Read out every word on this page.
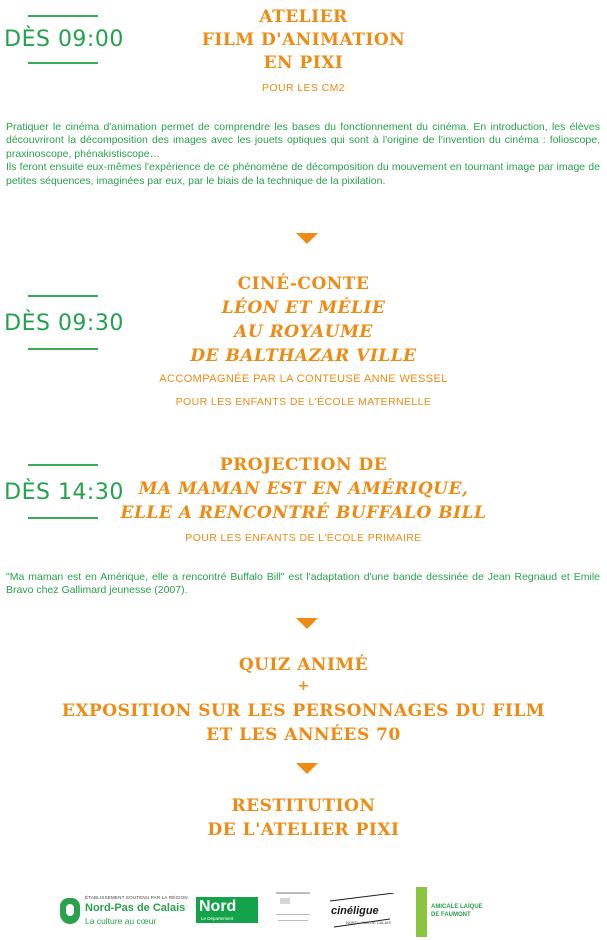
DÈS 09:00
ATELIER
FILM D'ANIMATION
EN PIXI
POUR LES CM2

Pratiquer le cinéma d'animation permet de comprendre les bases du fonctionnement du cinéma. En introduction, les élèves découvriront la décomposition des images avec les jouets optiques qui sont à l'origine de l'invention du cinéma : folioscope, praxinoscope, phénakistiscope…

Ils feront ensuite eux-mêmes l'expérience de ce phénomène de décomposition du mouvement en tournant image par image de petites séquences, imaginées par eux, par le biais de la technique de la pixilation.

DÈS 09:30
CINÉ-CONTE
LÉON ET MÉLIE
AU ROYAUME
DE BALTHAZAR VILLE
ACCOMPAGNÉE PAR LA CONTEUSE ANNE WESSEL
POUR LES ENFANTS DE L'ÉCOLE MATERNELLE
DÈS 14:30
PROJECTION DE
MA MAMAN EST EN AMÉRIQUE,
ELLE A RENCONTRÉ BUFFALO BILL
POUR LES ENFANTS DE L'ÉCOLE PRIMAIRE

"Ma maman est en Amérique, elle a rencontré Buffalo Bill" est l'adaptation d'une bande dessinée de Jean Regnaud et Emile Bravo chez Gallimard jeunesse (2007).

QUIZ ANIMÉ
+
EXPOSITION SUR LES PERSONNAGES DU FILM
ET LES ANNÉES 70
RESTITUTION
DE L'ATELIER PIXI
ÉTABLISSEMENT SOUTENU PAR LA RÉGION
Nord-Pas de Calais
La culture au cœur
Nord
Le Département
cinéligue
NORD · PAS DE CALAIS
AMICALE LAÏQUE
DE FAUMONT
